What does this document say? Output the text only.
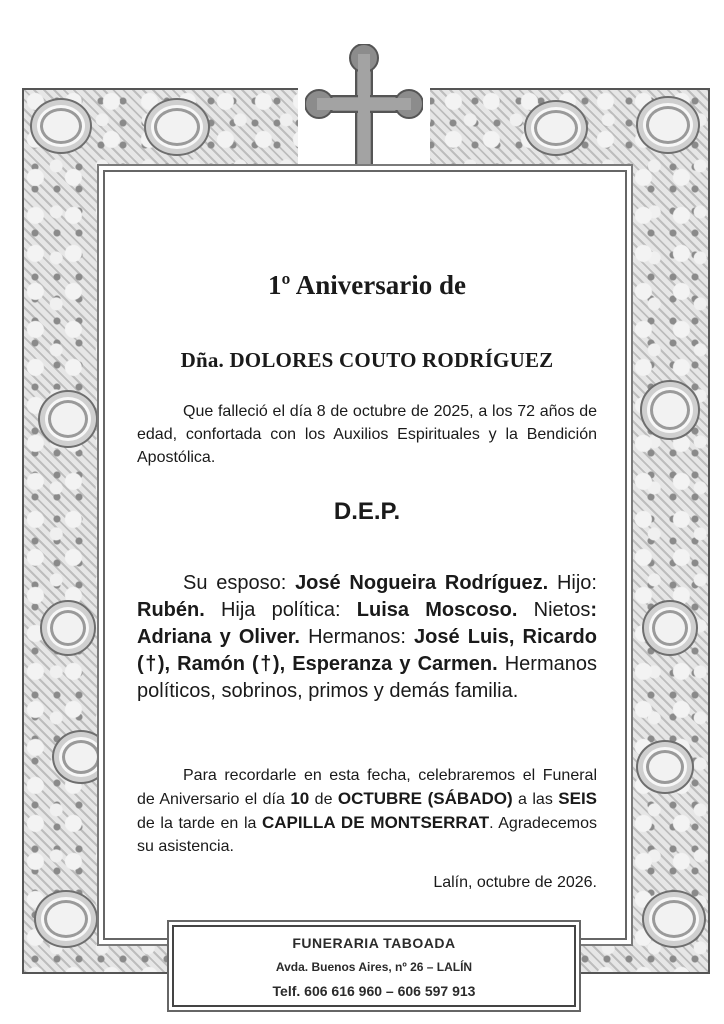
1º Aniversario de

Dña. DOLORES COUTO RODRÍGUEZ

Que falleció el día 8 de octubre de 2025, a los 72 años de edad, confortada con los Auxilios Espirituales y la Bendición Apostólica.

D.E.P.

Su esposo: José Nogueira Rodríguez. Hijo: Rubén. Hija política: Luisa Moscoso. Nietos: Adriana y Oliver. Hermanos: José Luis, Ricardo (†), Ramón (†), Esperanza y Carmen. Hermanos políticos, sobrinos, primos y demás familia.

Para recordarle en esta fecha, celebraremos el Funeral de Aniversario el día 10 de OCTUBRE (SÁBADO) a las SEIS de la tarde en la CAPILLA DE MONTSERRAT. Agradecemos su asistencia.

Lalín, octubre de 2026.

FUNERARIA TABOADA
Avda. Buenos Aires, nº 26 – LALÍN
Telf. 606 616 960 – 606 597 913
